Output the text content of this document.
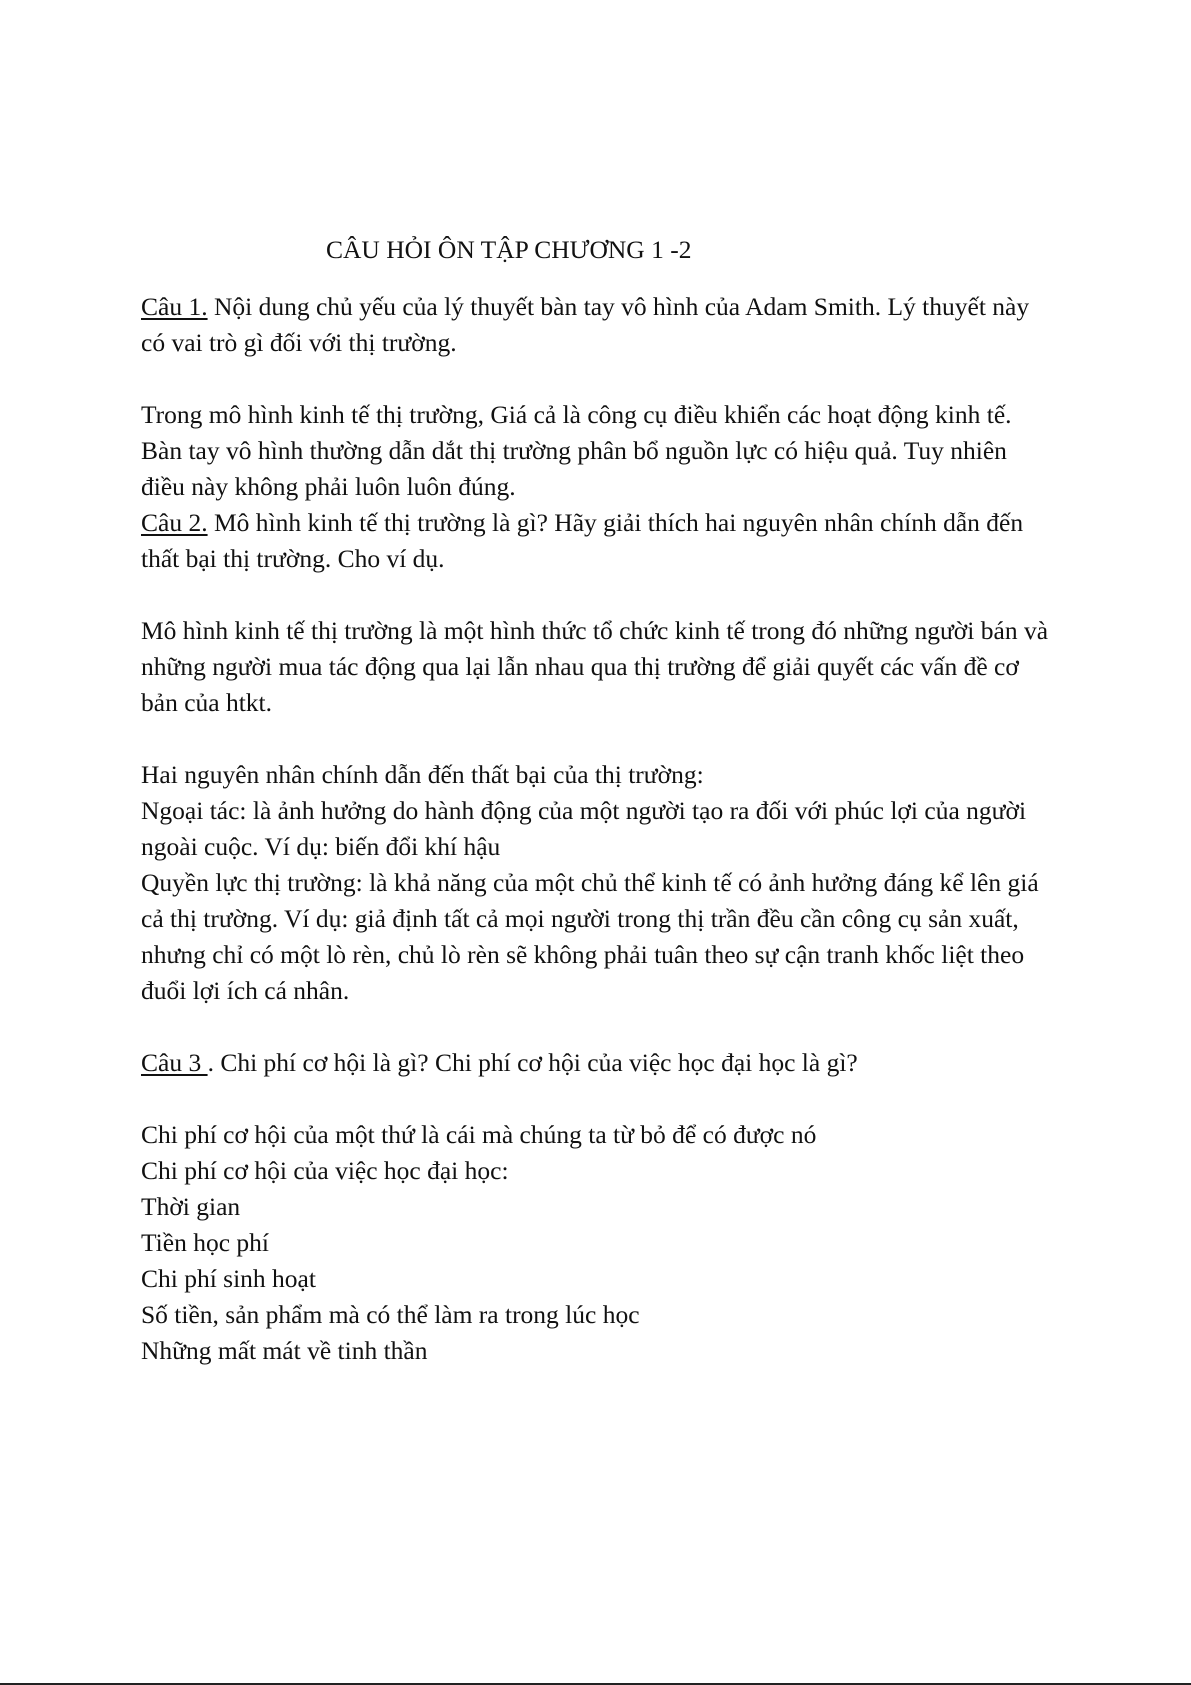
CÂU HỎI ÔN TẬP CHƯƠNG 1 -2

Câu 1. Nội dung chủ yếu của lý thuyết bàn tay vô hình của Adam Smith. Lý thuyết này có vai trò gì đối với thị trường.

Trong mô hình kinh tế thị trường, Giá cả là công cụ điều khiển các hoạt động kinh tế.

Bàn tay vô hình thường dẫn dắt thị trường phân bổ nguồn lực có hiệu quả. Tuy nhiên điều này không phải luôn luôn đúng.

Câu 2. Mô hình kinh tế thị trường là gì? Hãy giải thích hai nguyên nhân chính dẫn đến thất bại thị trường. Cho ví dụ.

Mô hình kinh tế thị trường là một hình thức tổ chức kinh tế trong đó những người bán và những người mua tác động qua lại lẫn nhau qua thị trường để giải quyết các vấn đề cơ bản của htkt.

Hai nguyên nhân chính dẫn đến thất bại của thị trường:

Ngoại tác: là ảnh hưởng do hành động của một người tạo ra đối với phúc lợi của người ngoài cuộc. Ví dụ: biến đổi khí hậu

Quyền lực thị trường: là khả năng của một chủ thể kinh tế có ảnh hưởng đáng kể lên giá cả thị trường. Ví dụ: giả định tất cả mọi người trong thị trần đều cần công cụ sản xuất, nhưng chỉ có một lò rèn, chủ lò rèn sẽ không phải tuân theo sự cận tranh khốc liệt theo đuổi lợi ích cá nhân.

Câu 3 . Chi phí cơ hội là gì? Chi phí cơ hội của việc học đại học là gì?

Chi phí cơ hội của một thứ là cái mà chúng ta từ bỏ để có được nó

Chi phí cơ hội của việc học đại học:

Thời gian

Tiền học phí

Chi phí sinh hoạt

Số tiền, sản phẩm mà có thể làm ra trong lúc học

Những mất mát về tinh thần
